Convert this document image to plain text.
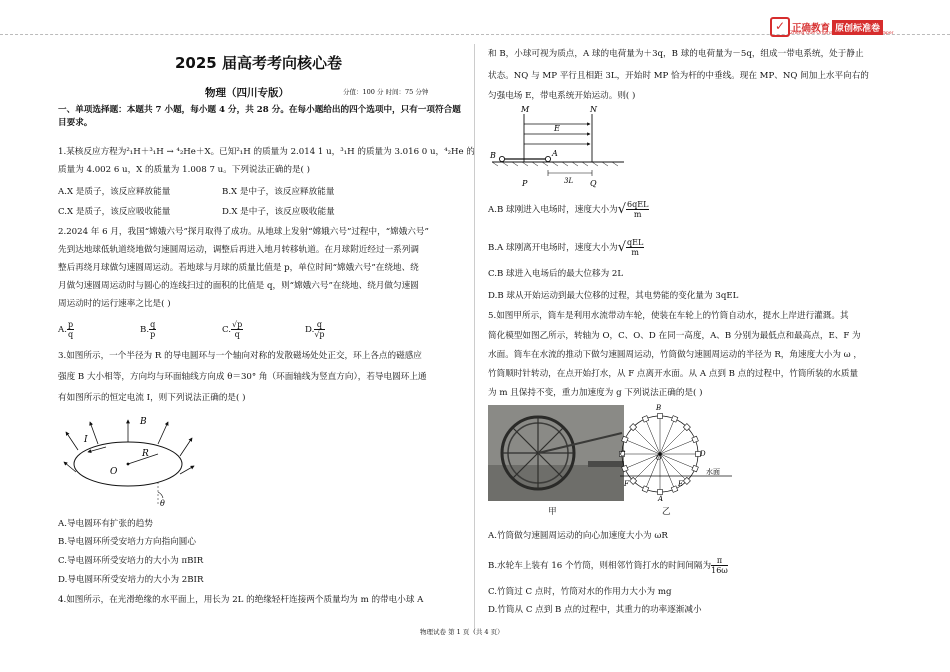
✓ 正确教育 原创标准卷
Zheng Que Original Standardized Exam Paper
2025 届高考考向核心卷
物理（四川专版）	分值：100 分 时间：75 分钟
一、单项选择题：本题共 7 小题，每小题 4 分，共 28 分。在每小题给出的四个选项中，只有一项符合题目要求。
1.某核反应方程为²₁H＋³₁H → ⁴₂He＋X。已知²₁H 的质量为 2.014 1 u，³₁H 的质量为 3.016 0 u，⁴₂He 的
质量为 4.002 6 u，X 的质量为 1.008 7 u。下列说法正确的是( )
A.X 是质子，该反应释放能量	B.X 是中子，该反应释放能量
C.X 是质子，该反应吸收能量	D.X 是中子，该反应吸收能量
2.2024 年 6 月，我国“嫦娥六号”探月取得了成功。从地球上发射“嫦娥六号”过程中，“嫦娥六号”
先到达地球低轨道绕地做匀速圆周运动，调整后再进入地月转移轨道。在月球附近经过一系列调
整后再绕月球做匀速圆周运动。若地球与月球的质量比值是 p，单位时间“嫦娥六号”在绕地、绕
月做匀速圆周运动时与圆心的连线扫过的面积的比值是 q，则“嫦娥六号”在绕地、绕月做匀速圆
周运动时的运行速率之比是( )
A. $\frac{p}{q}$	B. $\frac{q}{p}$	C. $\frac{√p}{q}$	D. $\frac{q}{√p}$
3.如图所示，一个半径为 R 的导电圆环与一个轴向对称的发散磁场处处正交，环上各点的磁感应
强度 B 大小相等，方向均与环面轴线方向成 θ＝30° 角（环面轴线为竖直方向），若导电圆环上通
有如图所示的恒定电流 I，则下列说法正确的是( )
B
I
O
R
θ
A.导电圆环有扩张的趋势
B.导电圆环所受安培力方向指向圆心
C.导电圆环所受安培力的大小为 πBIR
D.导电圆环所受安培力的大小为 2BIR
4.如图所示，在光滑绝缘的水平面上，用长为 2L 的绝缘轻杆连接两个质量均为 m 的带电小球 A
和 B，小球可视为质点，A 球的电荷量为＋3q，B 球的电荷量为－5q，组成一带电系统，处于静止
状态。NQ 与 MP 平行且相距 3L，开始时 MP 恰为杆的中垂线。现在 MP、NQ 间加上水平向右的
匀强电场 E，带电系统开始运动。则( )
M	N
E
B	A
P	Q
3L
A.B 球刚进入电场时，速度大小为√ $\frac{\text{6qEL}}{m}$
B.A 球刚离开电场时，速度大小为√ $\frac{\text{qEL}}{m}$
C.B 球进入电场后的最大位移为 2L
D.B 球从开始运动到最大位移的过程，其电势能的变化量为 3qEL
5.如图甲所示，筒车是利用水流带动车轮，使装在车轮上的竹筒自动水，提水上岸进行灌溉。其
简化模型如图乙所示，转轴为 O，C、O、D 在同一高度，A、B 分别为最低点和最高点，E、F 为
水面。筒车在水流的推动下做匀速圆周运动，竹筒做匀速圆周运动的半径为 R，角速度大小为 ω ，
竹筒顺时针转动，在点开始打水，从 F 点离开水面。从 A 点到 B 点的过程中，竹筒所装的水质量
为 m 且保持不变，重力加速度为 g 下列说法正确的是( )
甲
B
C	O	D
水面
F	E
A
乙
A.竹筒做匀速圆周运动的向心加速度大小为 ωR
B.水轮车上装有 16 个竹筒，则相邻竹筒打水的时间间隔为 $\frac{\pi}{16\omega}$
C.竹筒过 C 点时，竹筒对水的作用力大小为 mg
D.竹筒从 C 点到 B 点的过程中，其重力的功率逐渐减小
物理试卷 第 1 页（共 4 页）
